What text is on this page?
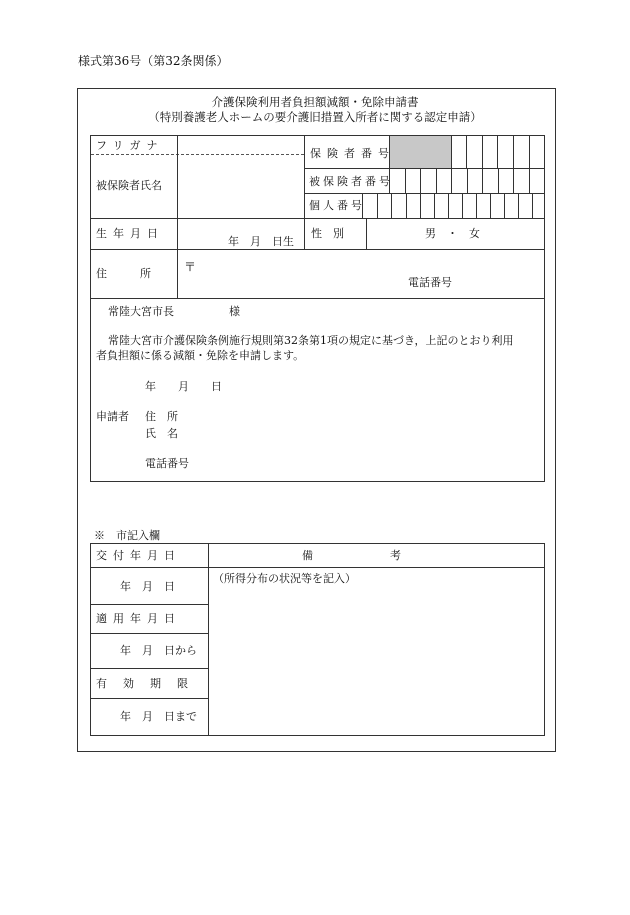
様式第36号（第32条関係）
介護保険利用者負担額減額・免除申請書
（特別養護老人ホームの要介護旧措置入所者に関する認定申請）
フリガナ
被保険者氏名
保険者番号
被保険者番号
個人番号
生年月日
年　月　日生
性　別	男　・　女
住　　　所	〒
電話番号
常陸大宮市長　　　　　様
常陸大宮市介護保険条例施行規則第32条第1項の規定に基づき，上記のとおり利用
者負担額に係る減額・免除を申請します。
年　　月　　日
申請者 住　所
氏　名
電話番号
※　市記入欄
交付年月日
年　月　日
備　　　　　　　考
（所得分布の状況等を記入）
適用年月日
年　月　日から
有効期限
年　月　日まで
